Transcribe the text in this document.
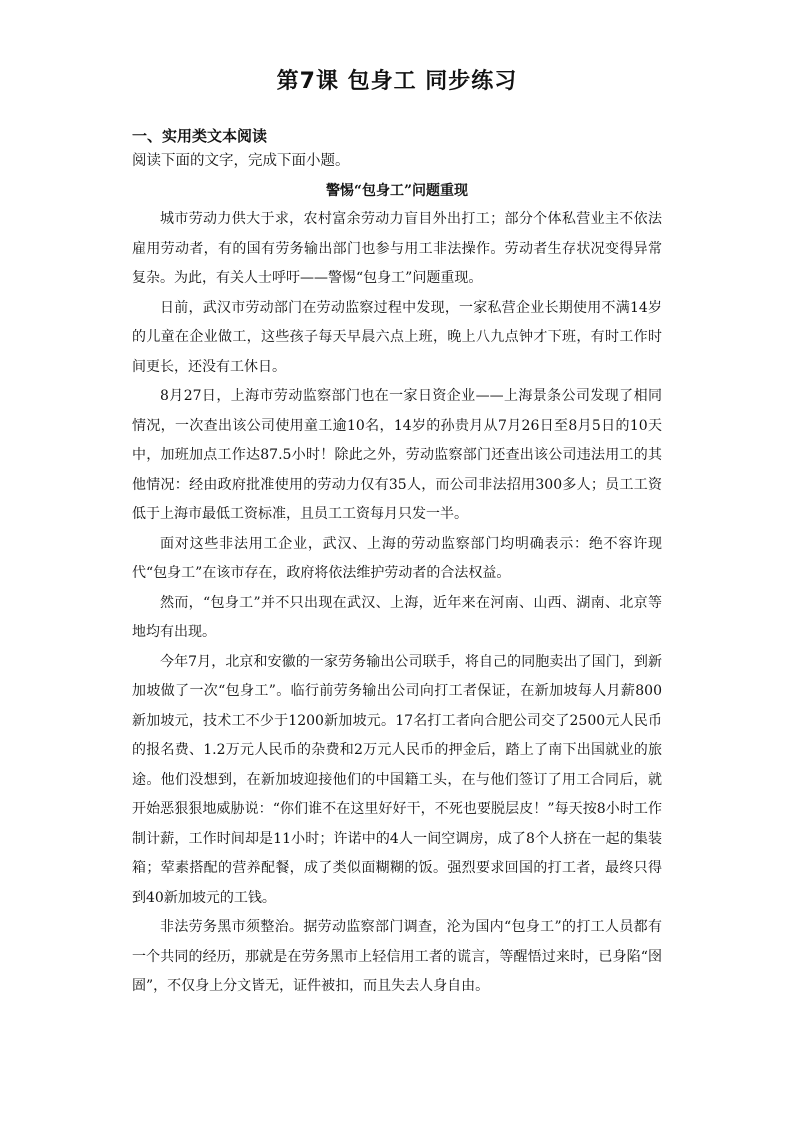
第7课 包身工 同步练习
一、实用类文本阅读
阅读下面的文字，完成下面小题。
警惕“包身工”问题重现

城市劳动力供大于求，农村富余劳动力盲目外出打工；部分个体私营业主不依法雇用劳动者，有的国有劳务输出部门也参与用工非法操作。劳动者生存状况变得异常复杂。为此，有关人士呼吁——警惕“包身工”问题重现。

日前，武汉市劳动部门在劳动监察过程中发现，一家私营企业长期使用不满14岁的儿童在企业做工，这些孩子每天早晨六点上班，晚上八九点钟才下班，有时工作时间更长，还没有工休日。

8月27日，上海市劳动监察部门也在一家日资企业——上海景条公司发现了相同情况，一次查出该公司使用童工逾10名，14岁的孙贵月从7月26日至8月5日的10天中，加班加点工作达87.5小时！除此之外，劳动监察部门还查出该公司违法用工的其他情况：经由政府批准使用的劳动力仅有35人，而公司非法招用300多人；员工工资低于上海市最低工资标准，且员工工资每月只发一半。

面对这些非法用工企业，武汉、上海的劳动监察部门均明确表示：绝不容许现代“包身工”在该市存在，政府将依法维护劳动者的合法权益。

然而，“包身工”并不只出现在武汉、上海，近年来在河南、山西、湖南、北京等地均有出现。

今年7月，北京和安徽的一家劳务输出公司联手，将自己的同胞卖出了国门，到新加坡做了一次“包身工”。临行前劳务输出公司向打工者保证，在新加坡每人月薪800新加坡元，技术工不少于1200新加坡元。17名打工者向合肥公司交了2500元人民币的报名费、1.2万元人民币的杂费和2万元人民币的押金后，踏上了南下出国就业的旅途。他们没想到，在新加坡迎接他们的中国籍工头，在与他们签订了用工合同后，就开始恶狠狠地威胁说：“你们谁不在这里好好干，不死也要脱层皮！”每天按8小时工作制计薪，工作时间却是11小时；许诺中的4人一间空调房，成了8个人挤在一起的集装箱；荤素搭配的营养配餐，成了类似面糊糊的饭。强烈要求回国的打工者，最终只得到40新加坡元的工钱。

非法劳务黑市须整治。据劳动监察部门调查，沦为国内“包身工”的打工人员都有一个共同的经历，那就是在劳务黑市上轻信用工者的谎言，等醒悟过来时，已身陷“囹圄”，不仅身上分文皆无，证件被扣，而且失去人身自由。
